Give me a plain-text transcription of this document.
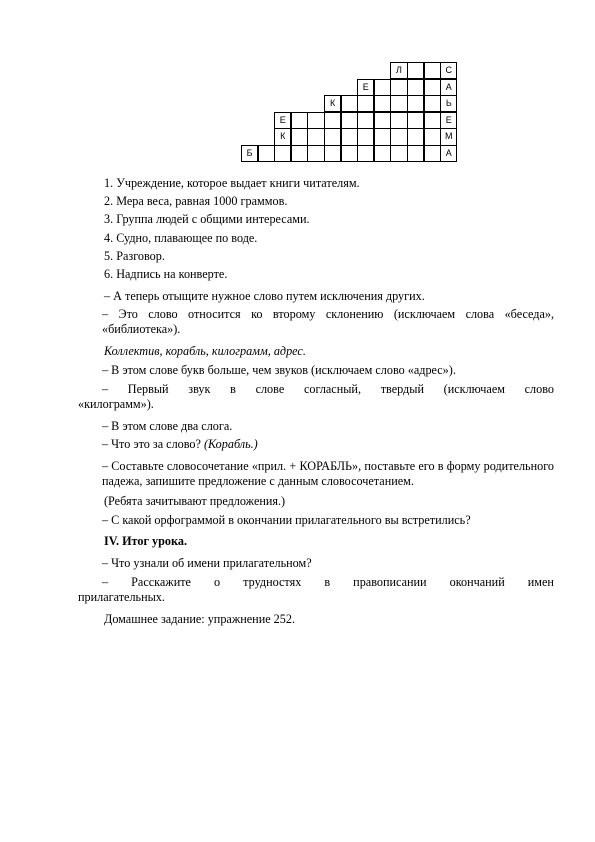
Л	С
Е	А
К	Ь
Е	Е
К	М
Б	А
1. Учреждение, которое выдает книги читателям.
2. Мера веса, равная 1000 граммов.
3. Группа людей с общими интересами.
4. Судно, плавающее по воде.
5. Разговор.
6. Надпись на конверте.
– А теперь отыщите нужное слово путем исключения других.
– Это слово относится ко второму склонению (исключаем слова «беседа», «библиотека»).
Коллектив, корабль, килограмм, адрес.
– В этом слове букв больше, чем звуков (исключаем слово «адрес»).
– Первый звук в слове согласный, твердый (исключаем слово
«килограмм»).
– В этом слове два слога.
– Что это за слово? (Корабль.)
– Составьте словосочетание «прил. + КОРАБЛЬ», поставьте его в форму родительного падежа, запишите предложение с данным словосочетанием.
(Ребята зачитывают предложения.)
– С какой орфограммой в окончании прилагательного вы встретились?
IV. Итог урока.
– Что узнали об имени прилагательном?
– Расскажите о трудностях в правописании окончаний имен
прилагательных.
Домашнее задание: упражнение 252.
